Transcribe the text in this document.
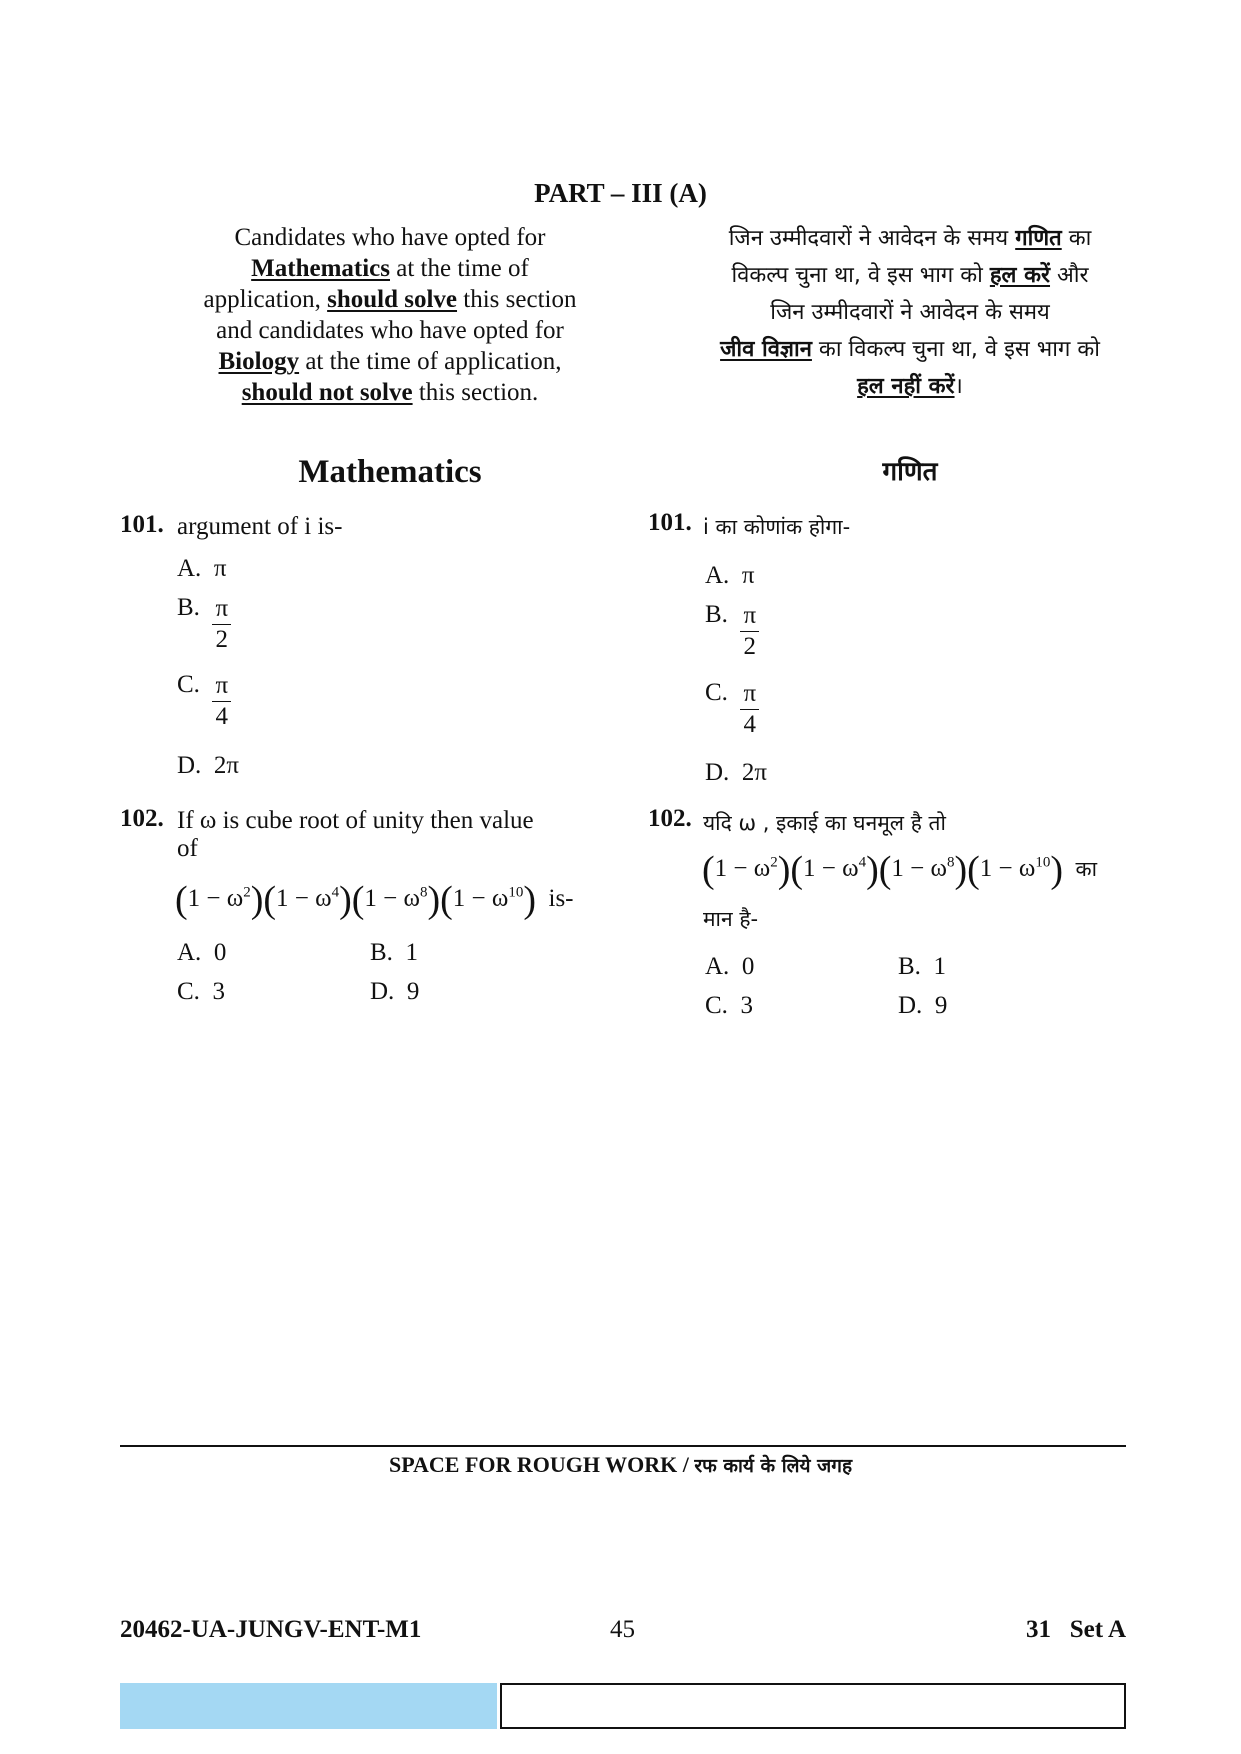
PART – III (A)
Candidates who have opted for
Mathematics at the time of
application, should solve this section
and candidates who have opted for
Biology at the time of application,
should not solve this section.
जिन उम्मीदवारों ने आवेदन के समय गणित का
विकल्प चुना था, वे इस भाग को हल करें और
जिन उम्मीदवारों ने आवेदन के समय
जीव विज्ञान का विकल्प चुना था, वे इस भाग को
हल नहीं करें।
Mathematics	गणित
101. argument of i is-
A. π
B. $\frac{\pi}{2}$
C. $\frac{\pi}{4}$
D. 2π
102. If ω is cube root of unity then value
of
$(1 - \omega^2)(1 - \omega^4)(1 - \omega^8)(1 - \omega^{10})$ is-
A. 0	B. 1
C. 3	D. 9
101. i का कोणांक होगा-
A. π
B. $\frac{\pi}{2}$
C. $\frac{\pi}{4}$
D. 2π
102. यदि ω , इकाई का घनमूल है तो
$(1 - \omega^2)(1 - \omega^4)(1 - \omega^8)(1 - \omega^{10})$ का
मान है-
A. 0	B. 1
C. 3	D. 9
SPACE FOR ROUGH WORK / रफ कार्य के लिये जगह
20462-UA-JUNGV-ENT-M1	45	31   Set A
